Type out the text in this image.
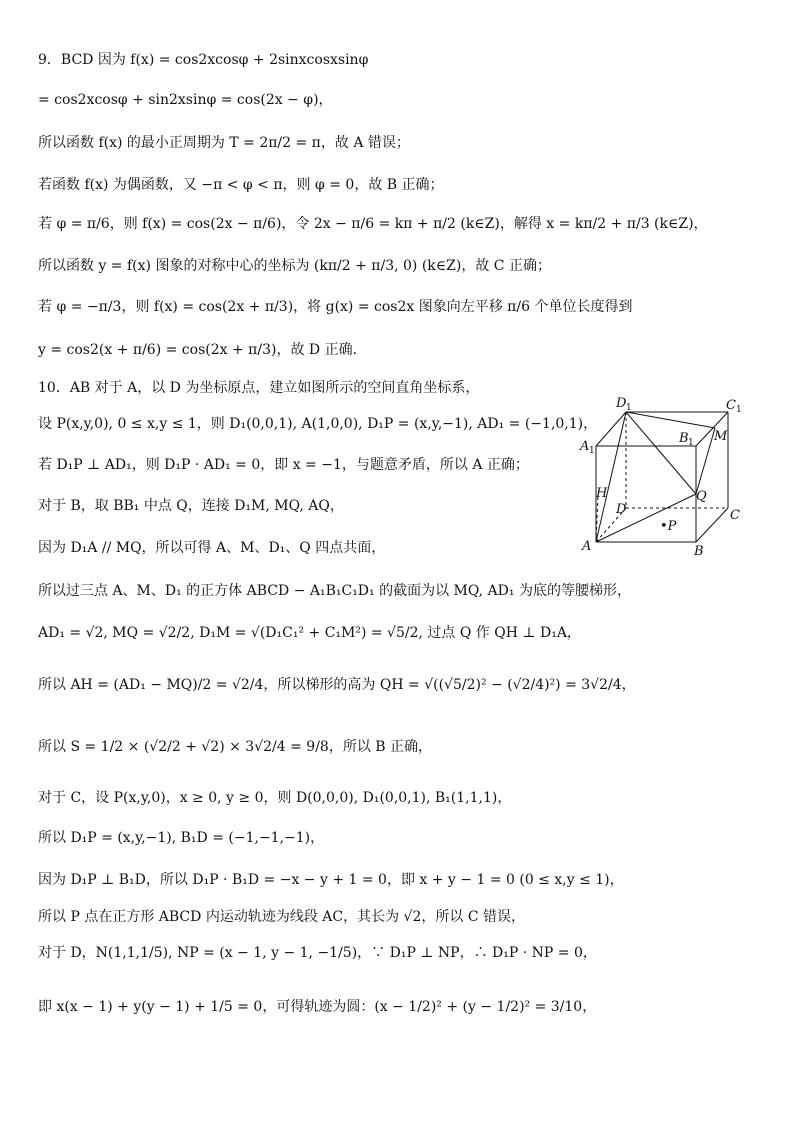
9．BCD 因为 f(x) = cos2xcosφ + 2sinxcosxsinφ
= cos2xcosφ + sin2xsinφ = cos(2x − φ)，
所以函数 f(x) 的最小正周期为 T = 2π/2 = π，故 A 错误；
若函数 f(x) 为偶函数，又 −π < φ < π，则 φ = 0，故 B 正确；
若 φ = π/6，则 f(x) = cos(2x − π/6)，令 2x − π/6 = kπ + π/2 (k∈Z)，解得 x = kπ/2 + π/3 (k∈Z)，
所以函数 y = f(x) 图象的对称中心的坐标为 (kπ/2 + π/3, 0) (k∈Z)，故 C 正确；
若 φ = −π/3，则 f(x) = cos(2x + π/3)，将 g(x) = cos2x 图象向左平移 π/6 个单位长度得到
y = cos2(x + π/6) = cos(2x + π/3)，故 D 正确．
10．AB 对于 A，以 D 为坐标原点，建立如图所示的空间直角坐标系，
设 P(x,y,0), 0 ≤ x,y ≤ 1，则 D₁(0,0,1), A(1,0,0), D₁P = (x,y,−1), AD₁ = (−1,0,1)，
若 D₁P ⊥ AD₁，则 D₁P · AD₁ = 0，即 x = −1，与题意矛盾，所以 A 正确；
对于 B，取 BB₁ 中点 Q，连接 D₁M, MQ, AQ，
因为 D₁A // MQ，所以可得 A、M、D₁、Q 四点共面，
所以过三点 A、M、D₁ 的正方体 ABCD − A₁B₁C₁D₁ 的截面为以 MQ, AD₁ 为底的等腰梯形，
AD₁ = √2, MQ = √2/2, D₁M = √(D₁C₁² + C₁M²) = √5/2, 过点 Q 作 QH ⊥ D₁A，
所以 AH = (AD₁ − MQ)/2 = √2/4，所以梯形的高为 QH = √((√5/2)² − (√2/4)²) = 3√2/4，
所以 S = 1/2 × (√2/2 + √2) × 3√2/4 = 9/8，所以 B 正确，
对于 C，设 P(x,y,0)，x ≥ 0, y ≥ 0，则 D(0,0,0), D₁(0,0,1), B₁(1,1,1)，
所以 D₁P = (x,y,−1), B₁D = (−1,−1,−1)，
因为 D₁P ⊥ B₁D，所以 D₁P · B₁D = −x − y + 1 = 0，即 x + y − 1 = 0 (0 ≤ x,y ≤ 1)，
所以 P 点在正方形 ABCD 内运动轨迹为线段 AC，其长为 √2，所以 C 错误，
对于 D，N(1,1,1/5), NP = (x − 1, y − 1, −1/5)，∵ D₁P ⊥ NP，∴ D₁P · NP = 0，
即 x(x − 1) + y(y − 1) + 1/5 = 0，可得轨迹为圆：(x − 1/2)² + (y − 1/2)² = 3/10，
D 1	C 1
A 1
B 1 M
H	Q
D	C
•P
A	B
